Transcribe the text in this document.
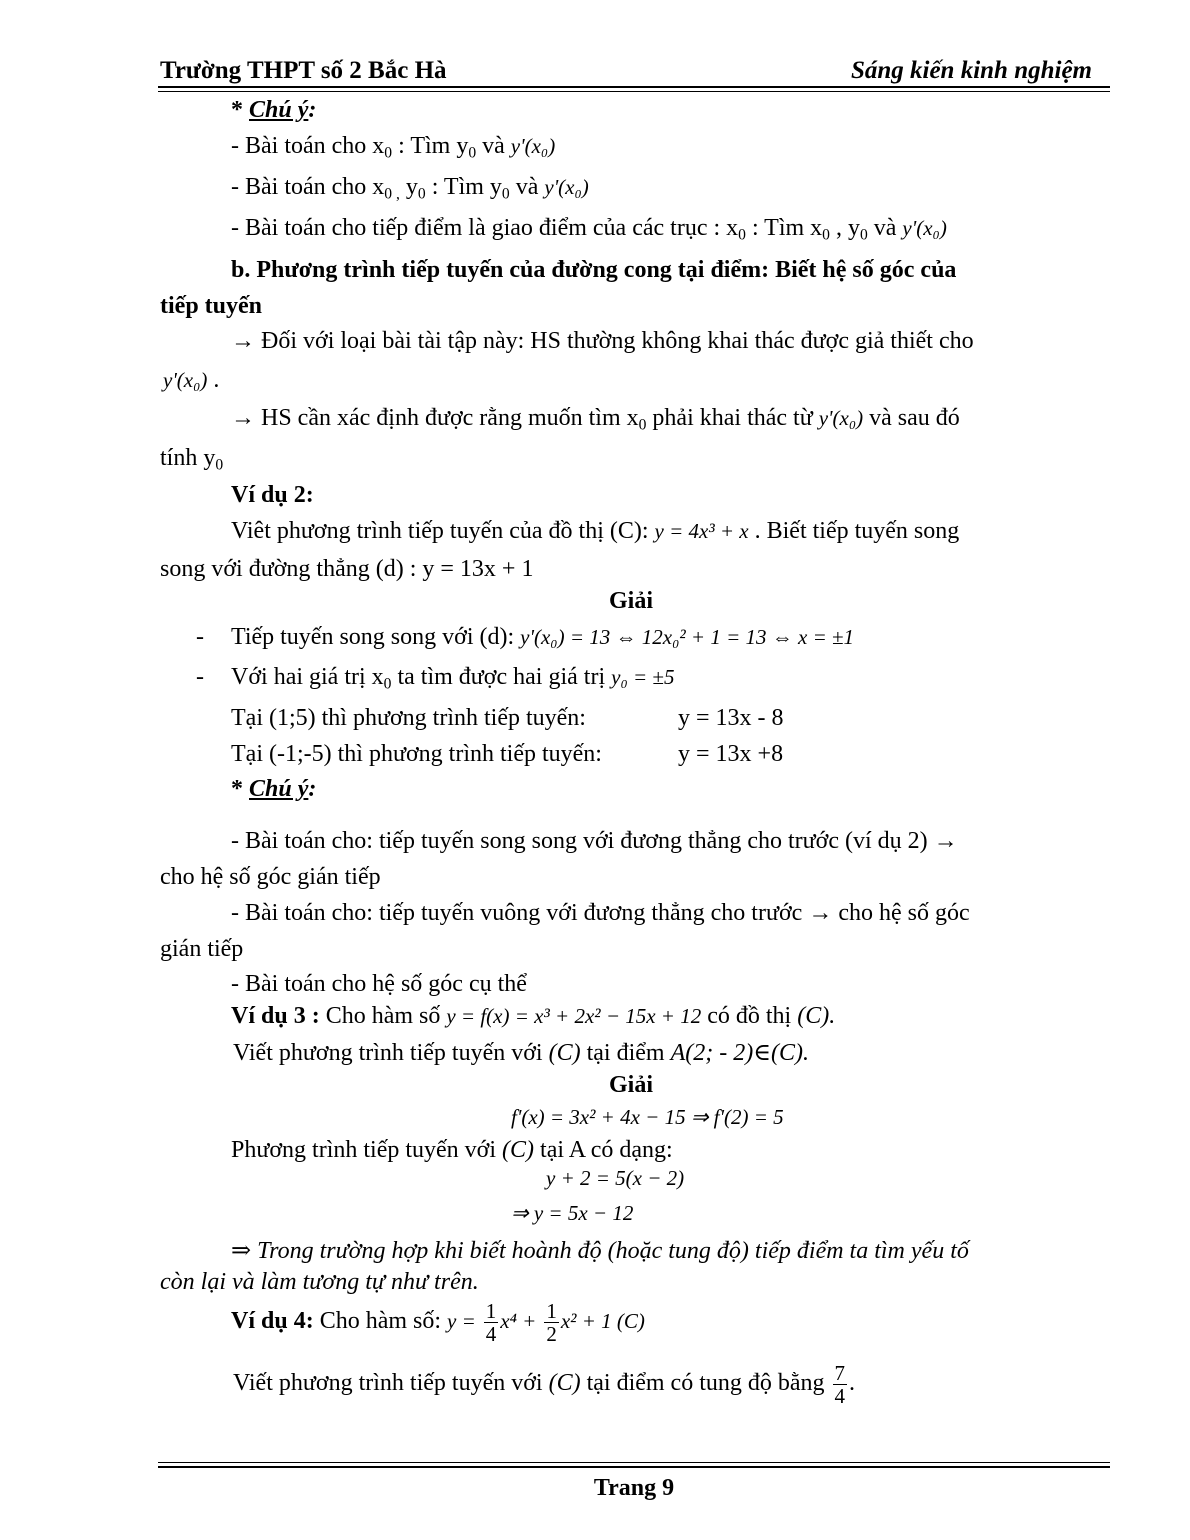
Trường THPT số 2 Bắc Hà	Sáng kiến kinh nghiệm
* Chú ý:
- Bài toán cho $x_0$ : Tìm $y_0$ và y'(x₀)
- Bài toán cho $x_{0 ,}$ $y_0$ : Tìm $y_0$ và y'(x₀)
- Bài toán cho tiếp điểm là giao điểm của các trục : $x_0$ : Tìm $x_0$ , $y_0$ và y'(x₀)
b. Phương trình tiếp tuyến của đường cong tại điểm: Biết hệ số góc của
tiếp tuyến
→ Đối với loại bài tài tập này: HS thường không khai thác được giả thiết cho
y'(x₀) .
→ HS cần xác định được rằng muốn tìm $x_0$ phải khai thác từ y'(x₀) và sau đó
tính $y_0$
Ví dụ 2:
Viêt phương trình tiếp tuyến của đồ thị (C): y = 4x³ + x . Biết tiếp tuyến song
song với đường thẳng (d) : y = 13x + 1
Giải
- Tiếp tuyến song song với (d): y'(x₀) = 13 ⇔ 12x₀² + 1 = 13 ⇔ x = ±1
- Với hai giá trị $x_0$ ta tìm được hai giá trị y₀ = ±5
Tại (1;5) thì phương trình tiếp tuyến:	y = 13x - 8
Tại (-1;-5) thì phương trình tiếp tuyến:	y = 13x +8
* Chú ý:
- Bài toán cho: tiếp tuyến song song với đương thẳng cho trước (ví dụ 2) →
cho hệ số góc gián tiếp
- Bài toán cho: tiếp tuyến vuông với đương thẳng cho trước → cho hệ số góc
gián tiếp
- Bài toán cho hệ số góc cụ thể
Ví dụ 3 : Cho hàm số y = f(x) = x³ + 2x² − 15x + 12 có đồ thị (C).
Viết phương trình tiếp tuyến với (C) tại điểm A(2; - 2)∈(C).
Giải
f'(x) = 3x² + 4x − 15 ⇒ f'(2) = 5
Phương trình tiếp tuyến với (C) tại A có dạng:
y + 2 = 5(x − 2)
⇒ y = 5x − 12
⇒ Trong trường hợp khi biết hoành độ (hoặc tung độ) tiếp điểm ta tìm yếu tố
còn lại và làm tương tự như trên.
Ví dụ 4: Cho hàm số: $y = \frac{1}{4} x^4 + \frac{1}{2} x^2 + 1$ (C)
Viết phương trình tiếp tuyến với (C) tại điểm có tung độ bằng $\frac{7}{4}$ .
Trang 9
